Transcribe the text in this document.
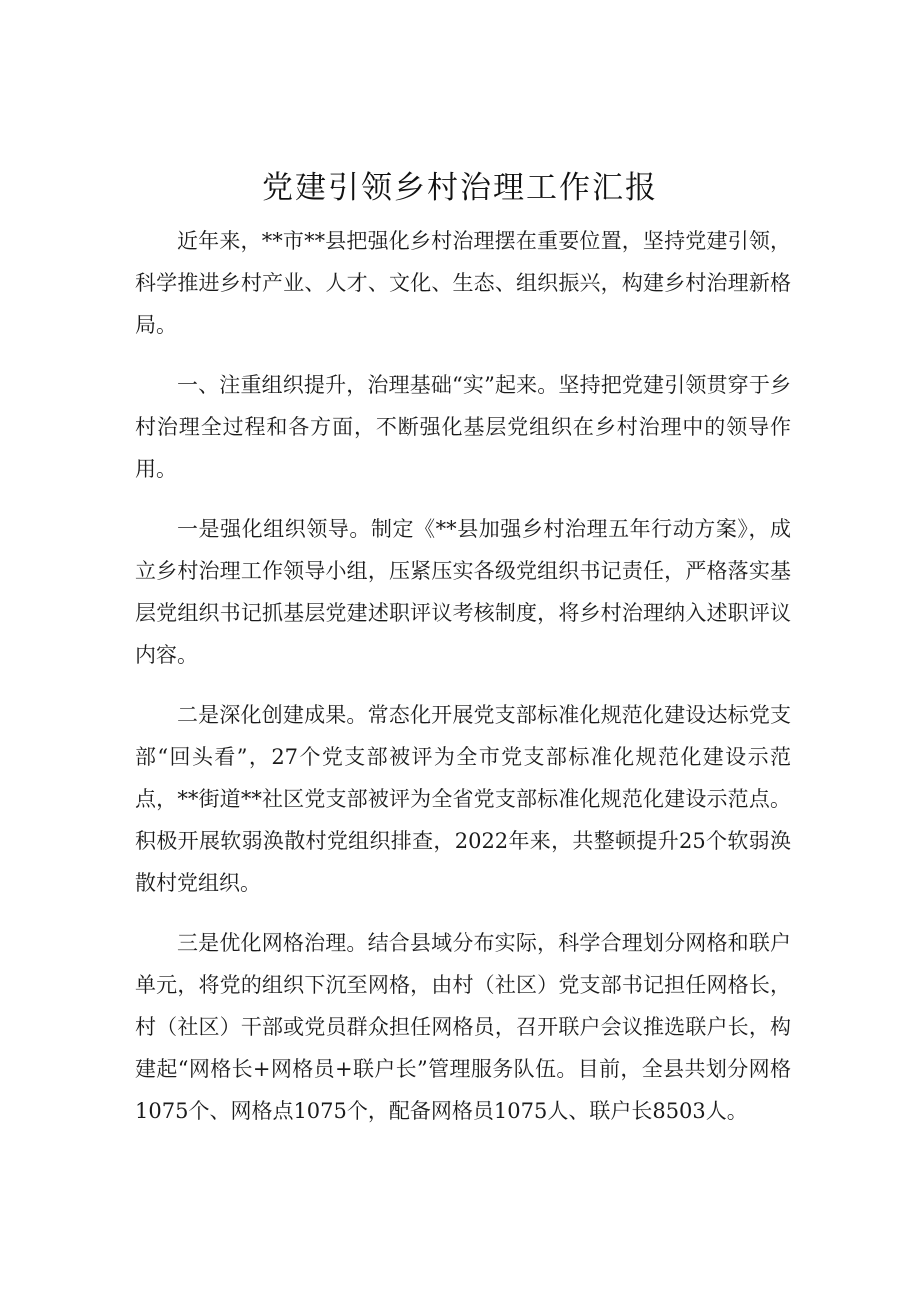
党建引领乡村治理工作汇报

近年来，**市**县把强化乡村治理摆在重要位置，坚持党建引领，科学推进乡村产业、人才、文化、生态、组织振兴，构建乡村治理新格局。

一、注重组织提升，治理基础“实”起来。坚持把党建引领贯穿于乡村治理全过程和各方面，不断强化基层党组织在乡村治理中的领导作用。

一是强化组织领导。制定《**县加强乡村治理五年行动方案》，成立乡村治理工作领导小组，压紧压实各级党组织书记责任，严格落实基层党组织书记抓基层党建述职评议考核制度，将乡村治理纳入述职评议内容。

二是深化创建成果。常态化开展党支部标准化规范化建设达标党支部“回头看”，27个党支部被评为全市党支部标准化规范化建设示范点，**街道**社区党支部被评为全省党支部标准化规范化建设示范点。积极开展软弱涣散村党组织排查，2022年来，共整顿提升25个软弱涣散村党组织。

三是优化网格治理。结合县域分布实际，科学合理划分网格和联户单元，将党的组织下沉至网格，由村（社区）党支部书记担任网格长，村（社区）干部或党员群众担任网格员，召开联户会议推选联户长，构建起“网格长+网格员+联户长”管理服务队伍。目前，全县共划分网格1075个、网格点1075个，配备网格员1075人、联户长8503人。
